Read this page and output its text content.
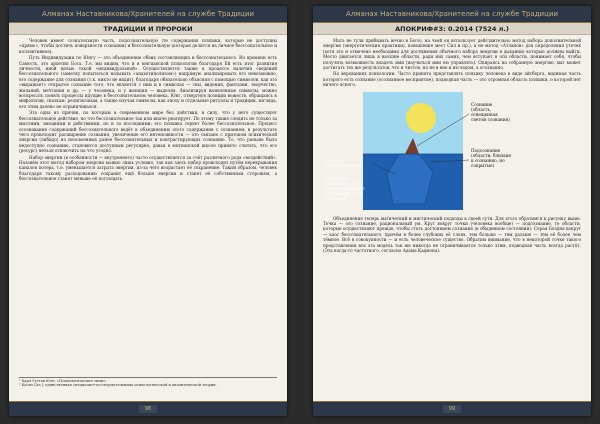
Алманах Наставникова/Хранителей на службе Традиции
ТРАДИЦИИ И ПРОРОКИ

Человек имеет сознательную часть, подсознательную (те содержания психики, которые не доступны «прямо», чтобы достичь поверхности сознания) и бессознательную (которая делится на личное бессознательное и коллективное).

Путь Индивидуации по Юнгу — это объединение обеих составляющих и бессознательного. Из времени есть Самость, это архетип Бога. Т.е. мы видим, что и в юнгианской психологии благодаря Ей есть итог развития личности, иной целью такой «индивидуальной». Осуществляется также в процессе наличия сведений бессознательного (заметку попытаться называть «анахетиполизом») напрямую анализировать его невозможно, его содержание для сознания (т.к. никто не видит), благодаря обязательно объясняя с помощью символов, как это «выражает» открытое сознание того, что является с ним и в символах — сны, видения, фантазии, творчество, желаний, мечтания и др. — у человека, и у женщин — выделяя. Анализируя выявленные символы, можно воскресать понять процессы идущие в бессознательном человека. Юнг, отвергнув позиции вожеств, обращаясь к мифологии, сказкам, религиозным, а также изучая символы, как эпоху и отдельные ритуалы и традиции, взгляда, его этим далеко не ограничивался.

Эта одна из причин, по которым в современном мире без действия, в силу, что у него существует бессознательное действие, но что бессознательное так или иначе реагирует. По этому также следить не только за мыслями, эмоциями и действиями, но и за последними: его психика теряет более бессознательное. Процесс осознавания содержаний бессознательного ведёт к объединению этого содержания с сознанием, в результате чего происходит расширение сознания, увеличение его интенсивности — это связано с притоком психической энергии (либидо) из неосвоенных ранее бессознательных и контрастирующих сознанию. То, что раньше было недоступно сознанию, становится доступным регулярно, давая в юнгианской школе принято считать, что его (ресурс) нельзя отключить на что угодно.

Набор энергии (в особенности — внутреннего) часто осуществляется за счёт различного рода «воздействий». Назовём этот метод набором энергии можно лишь условно, так как здесь набор происходит путём перекрывания каналов потерь, т.е. уменьшается затрата энергии, из-за чего возрастает её сохранение. Таким образом, человек благодаря такому расходованию сохранит ещё больше энергии и станет её собственным сторожем, а бессознательное станет меньше её поглощать.

¹ Карл Густав Юнг, «Психологические типы».
² Касиэ (Ал.), единственная специалист-исследовательница психологической и аналитической теории.
98
Алманах Наставникова/Хранителей на службе Традиции
АПОКРИФ#3: 0.2014 (7524 л.)

Мата не тули прибывать вечно в Боге), на чьей он использует действительно метод набора дополнительной энергии (энергетические практики), повышение мест Сил и пр.), а не метод «Атланов» для определения утечек (хотя это и отмечено необходимо для достижения обычного набора энергии в дыхании) которые должны выйти. Место двигается лишь в высшие области, ради них самих, чем вступает в эти области, понимает себя, чтобы получить возможность владеть ими (научиться ими ею управлять). Опираясь на собранную энергию, маг может достигать тех же результатов, что и чистое, но не в вне и взглядом, а осознанно.

Но верованиях психологии. Часто принято представлять психику человека в виде айсберга, видимая часть которого есть сознание (осознанное восприятие), подводная часть — это огромная область психики, о которой нет ничего ясного.

Сознание
(область,
освещенная
светом сознания)
Подсознание
(области, близкие
к сознанию, но
сокрытые)
Личное
бессознательное
Всё более
глубокие слои
бессознательного
(глубинные слои
психики)

Объединение теперь магический и мистический подходы к своей сути. Для этого обратимся к рисунку выше. Точка — это сознание, рациональный ум. Круг вокруг точки (человека вообще) — подсознание, те области, которые осуществляют прежде, чтобы стать достоянием сознания (в обыденном состоянии). Серая Бездна вокруг — хаос бессознательного, причём в более глубоких её слоях, тем больше — тем дальше — тем её более чем тёмное. Всё в совокупности — и есть человеческое существо. Обратим внимание, что в некоторой точке такого представления вся эта модель так же никогда не ограничивается только этим, подводная часть всегда растёт. (Эта когда-то частотного, согласно Адама Кадмона).

99
